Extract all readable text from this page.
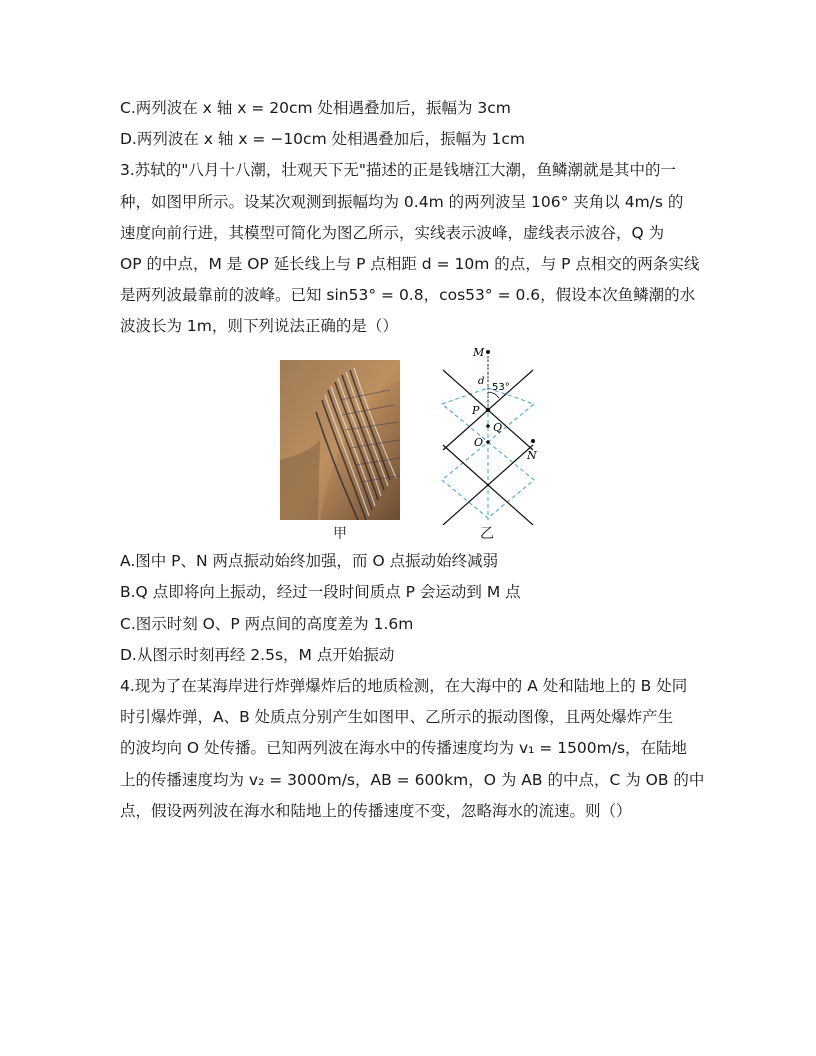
C.两列波在 x 轴 x = 20cm 处相遇叠加后，振幅为 3cm
D.两列波在 x 轴 x = −10cm 处相遇叠加后，振幅为 1cm
3.苏轼的"八月十八潮，壮观天下无"描述的正是钱塘江大潮，鱼鳞潮就是其中的一
种，如图甲所示。设某次观测到振幅均为 0.4m 的两列波呈 106° 夹角以 4m/s 的
速度向前行进，其模型可简化为图乙所示，实线表示波峰，虚线表示波谷，Q 为
OP 的中点，M 是 OP 延长线上与 P 点相距 d = 10m 的点，与 P 点相交的两条实线
是两列波最靠前的波峰。已知 sin53° = 0.8，cos53° = 0.6，假设本次鱼鳞潮的水
波波长为 1m，则下列说法正确的是（）
甲
M
d
53°
P
Q
O
N
乙
A.图中 P、N 两点振动始终加强，而 O 点振动始终减弱
B.Q 点即将向上振动，经过一段时间质点 P 会运动到 M 点
C.图示时刻 O、P 两点间的高度差为 1.6m
D.从图示时刻再经 2.5s，M 点开始振动
4.现为了在某海岸进行炸弹爆炸后的地质检测，在大海中的 A 处和陆地上的 B 处同
时引爆炸弹，A、B 处质点分别产生如图甲、乙所示的振动图像，且两处爆炸产生
的波均向 O 处传播。已知两列波在海水中的传播速度均为 v₁ = 1500m/s，在陆地
上的传播速度均为 v₂ = 3000m/s，AB = 600km，O 为 AB 的中点，C 为 OB 的中
点，假设两列波在海水和陆地上的传播速度不变，忽略海水的流速。则（）
